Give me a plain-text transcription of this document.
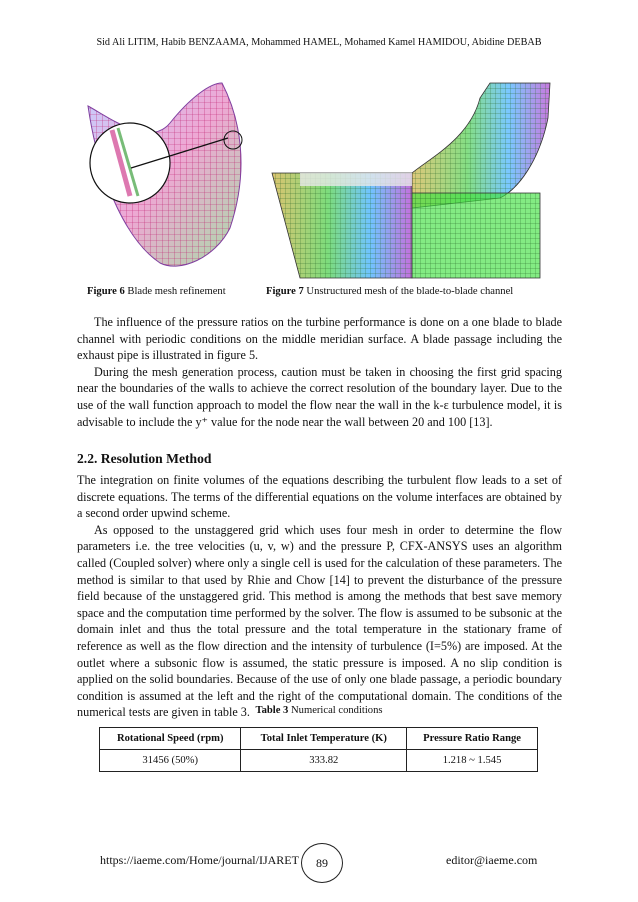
Sid Ali LITIM, Habib BENZAAMA, Mohammed HAMEL, Mohamed Kamel HAMIDOU, Abidine DEBAB
Figure 6 Blade mesh refinement	Figure 7 Unstructured mesh of the blade-to-blade channel

The influence of the pressure ratios on the turbine performance is done on a one blade to blade channel with periodic conditions on the middle meridian surface. A blade passage including the exhaust pipe is illustrated in figure 5.

During the mesh generation process, caution must be taken in choosing the first grid spacing near the boundaries of the walls to achieve the correct resolution of the boundary layer. Due to the use of the wall function approach to model the flow near the wall in the k-ε turbulence model, it is advisable to include the y⁺ value for the node near the wall between 20 and 100 [13].

2.2. Resolution Method

The integration on finite volumes of the equations describing the turbulent flow leads to a set of discrete equations. The terms of the differential equations on the volume interfaces are obtained by a second order upwind scheme.

As opposed to the unstaggered grid which uses four mesh in order to determine the flow parameters i.e. the tree velocities (u, v, w) and the pressure P, CFX-ANSYS uses an algorithm called (Coupled solver) where only a single cell is used for the calculation of these parameters. The method is similar to that used by Rhie and Chow [14] to prevent the disturbance of the pressure field because of the unstaggered grid. This method is among the methods that best save memory space and the computation time performed by the solver. The flow is assumed to be subsonic at the domain inlet and thus the total pressure and the total temperature in the stationary frame of reference as well as the flow direction and the intensity of turbulence (I=5%) are imposed. At the outlet where a subsonic flow is assumed, the static pressure is imposed. A no slip condition is applied on the solid boundaries. Because of the use of only one blade passage, a periodic boundary condition is assumed at the left and the right of the computational domain. The conditions of the numerical tests are given in table 3. Table 3 Numerical conditions
Rotational Speed (rpm)	Total Inlet Temperature (K)	Pressure Ratio Range
31456 (50%)	333.82	1.218 ~ 1.545
https://iaeme.com/Home/journal/IJARET	89	editor@iaeme.com
